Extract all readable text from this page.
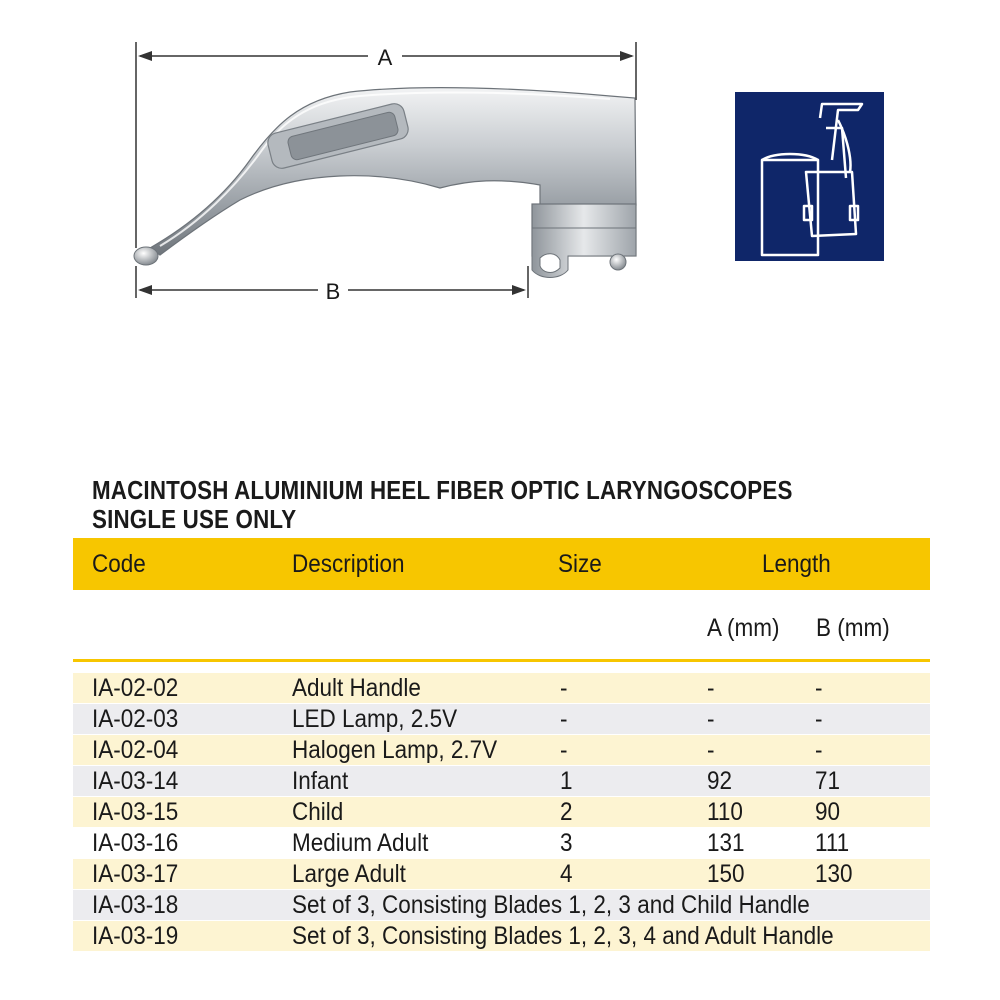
A
B
MACINTOSH ALUMINIUM HEEL FIBER OPTIC LARYNGOSCOPES
SINGLE USE ONLY
Code	Description	Size	Length
A (mm) B (mm)
IA-02-02	Adult Handle	-	-	-
IA-02-03	LED Lamp, 2.5V	-	-	-
IA-02-04	Halogen Lamp, 2.7V	-	-	-
IA-03-14	Infant	1	92	71
IA-03-15	Child	2	110	90
IA-03-16	Medium Adult	3	131	111
IA-03-17	Large Adult	4	150	130
IA-03-18	Set of 3, Consisting Blades 1, 2, 3 and Child Handle
IA-03-19	Set of 3, Consisting Blades 1, 2, 3, 4 and Adult Handle
